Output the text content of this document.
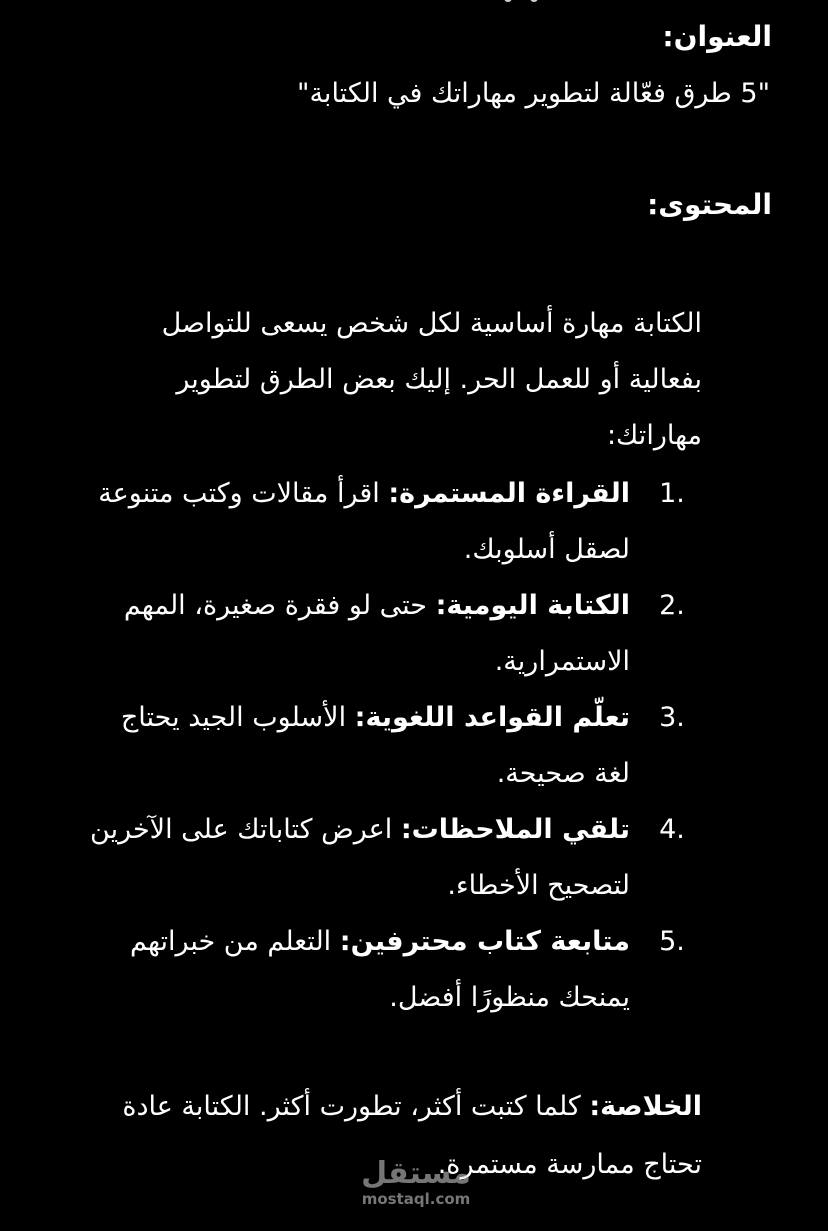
العنوان:

"5 طرق فعّالة لتطوير مهاراتك في الكتابة"

المحتوى:

الكتابة مهارة أساسية لكل شخص يسعى للتواصل بفعالية أو للعمل الحر. إليك بعض الطرق لتطوير مهاراتك:

1.
القراءة المستمرة: اقرأ مقالات وكتب متنوعة لصقل أسلوبك.
2.
الكتابة اليومية: حتى لو فقرة صغيرة، المهم الاستمرارية.
3.
تعلّم القواعد اللغوية: الأسلوب الجيد يحتاج لغة صحيحة.
4.
تلقي الملاحظات: اعرض كتاباتك على الآخرين لتصحيح الأخطاء.
5.
متابعة كتاب محترفين: التعلم من خبراتهم يمنحك منظورًا أفضل.

الخلاصة: كلما كتبت أكثر، تطورت أكثر. الكتابة عادة تحتاج ممارسة مستمرة.

مستقل
mostaql.com
